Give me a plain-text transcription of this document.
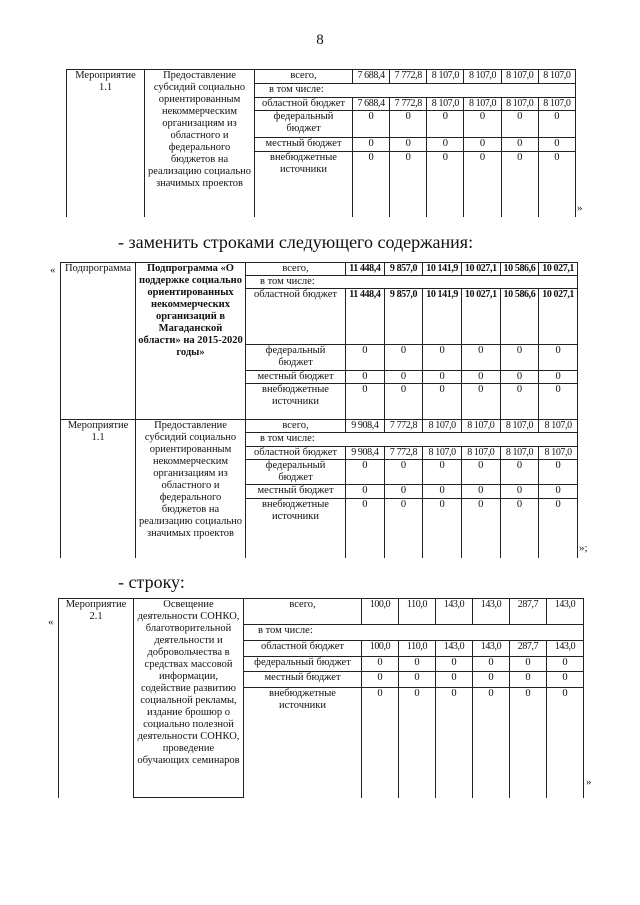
8
Мероприятие 1.1	Предоставление субсидий социально ориентированным некоммерческим организациям из областного и федерального бюджетов на реализацию социально значимых проектов	всего,	7 688,4	7 772,8	8 107,0	8 107,0	8 107,0	8 107,0
		в том числе:						
		областной бюджет	7 688,4	7 772,8	8 107,0	8 107,0	8 107,0	8 107,0
		федеральный бюджет	0	0	0	0	0	0
		местный бюджет	0	0	0	0	0	0
		внебюджетные источники	0	0	0	0	0	0
»
- заменить строками следующего содержания:
« Подпрограмма	Подпрограмма «О поддержке социально ориентированных некоммерческих организаций в Магаданской области» на 2015-2020 годы»	всего,	11 448,4	9 857,0	10 141,9	10 027,1	10 586,6	10 027,1
		в том числе:						
		областной бюджет	11 448,4	9 857,0	10 141,9	10 027,1	10 586,6	10 027,1
		федеральный бюджет	0	0	0	0	0	0
		местный бюджет	0	0	0	0	0	0
		внебюджетные источники	0	0	0	0	0	0
Мероприятие 1.1	Предоставление субсидий социально ориентированным некоммерческим организациям из областного и федерального бюджетов на реализацию социально значимых проектов	всего,	9 908,4	7 772,8	8 107,0	8 107,0	8 107,0	8 107,0
		в том числе:						
		областной бюджет	9 908,4	7 772,8	8 107,0	8 107,0	8 107,0	8 107,0
		федеральный бюджет	0	0	0	0	0	0
		местный бюджет	0	0	0	0	0	0
		внебюджетные источники	0	0	0	0	0	0
»;
- строку:
«
Мероприятие 2.1	Освещение деятельности СОНКО, благотворительной деятельности и добровольчества в средствах массовой информации, содействие развитию социальной рекламы, издание брошюр о социально полезной деятельности СОНКО, проведение обучающих семинаров	всего,	100,0	110,0	143,0	143,0	287,7	143,0
		в том числе:						
		областной бюджет	100,0	110,0	143,0	143,0	287,7	143,0
		федеральный бюджет	0	0	0	0	0	0
		местный бюджет	0	0	0	0	0	0
		внебюджетные источники	0	0	0	0	0	0
»
